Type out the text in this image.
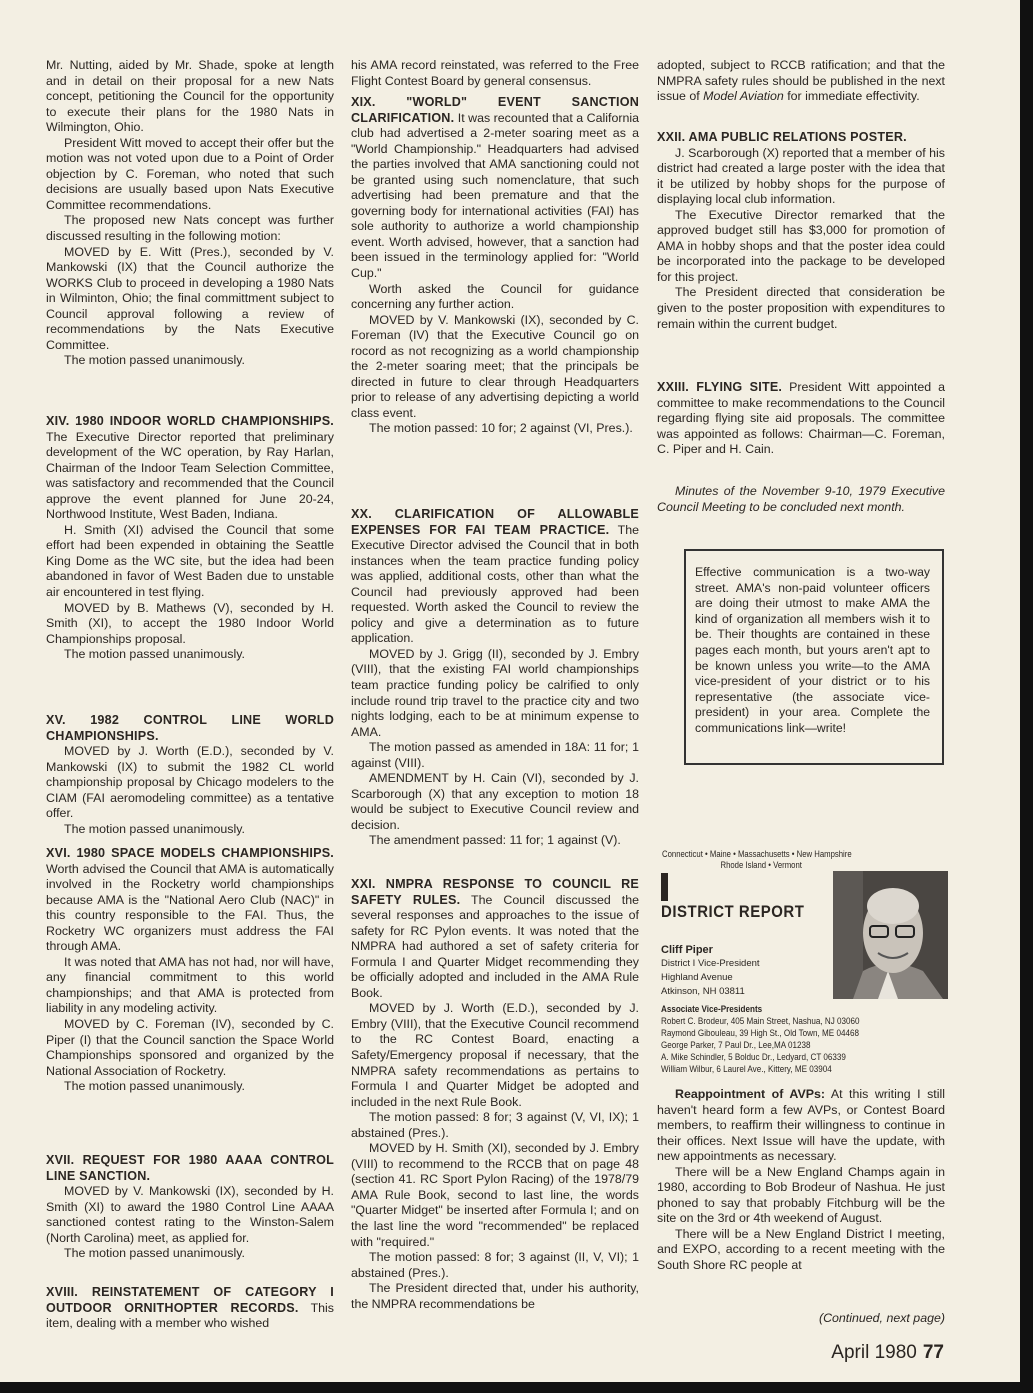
Mr. Nutting, aided by Mr. Shade, spoke at length and in detail on their proposal for a new Nats concept, petitioning the Council for the opportunity to execute their plans for the 1980 Nats in Wilmington, Ohio.

President Witt moved to accept their offer but the motion was not voted upon due to a Point of Order objection by C. Foreman, who noted that such decisions are usually based upon Nats Executive Committee recommendations.

The proposed new Nats concept was further discussed resulting in the following motion:

MOVED by E. Witt (Pres.), seconded by V. Mankowski (IX) that the Council authorize the WORKS Club to proceed in developing a 1980 Nats in Wilminton, Ohio; the final committment subject to Council approval following a review of recommendations by the Nats Executive Committee.

The motion passed unanimously.

XIV. 1980 INDOOR WORLD CHAMPIONSHIPS. The Executive Director reported that preliminary development of the WC operation, by Ray Harlan, Chairman of the Indoor Team Selection Committee, was satisfactory and recommended that the Council approve the event planned for June 20-24, Northwood Institute, West Baden, Indiana.

H. Smith (XI) advised the Council that some effort had been expended in obtaining the Seattle King Dome as the WC site, but the idea had been abandoned in favor of West Baden due to unstable air encountered in test flying.

MOVED by B. Mathews (V), seconded by H. Smith (XI), to accept the 1980 Indoor World Championships proposal.

The motion passed unanimously.

XV. 1982 CONTROL LINE WORLD CHAMPIONSHIPS.

MOVED by J. Worth (E.D.), seconded by V. Mankowski (IX) to submit the 1982 CL world championship proposal by Chicago modelers to the CIAM (FAI aeromodeling committee) as a tentative offer.

The motion passed unanimously.

XVI. 1980 SPACE MODELS CHAMPIONSHIPS. Worth advised the Council that AMA is automatically involved in the Rocketry world championships because AMA is the "National Aero Club (NAC)" in this country responsible to the FAI. Thus, the Rocketry WC organizers must address the FAI through AMA.

It was noted that AMA has not had, nor will have, any financial commitment to this world championships; and that AMA is protected from liability in any modeling activity.

MOVED by C. Foreman (IV), seconded by C. Piper (I) that the Council sanction the Space World Championships sponsored and organized by the National Association of Rocketry.

The motion passed unanimously.

XVII. REQUEST FOR 1980 AAAA CONTROL LINE SANCTION.

MOVED by V. Mankowski (IX), seconded by H. Smith (XI) to award the 1980 Control Line AAAA sanctioned contest rating to the Winston-Salem (North Carolina) meet, as applied for.

The motion passed unanimously.

XVIII. REINSTATEMENT OF CATEGORY I OUTDOOR ORNITHOPTER RECORDS. This item, dealing with a member who wished

his AMA record reinstated, was referred to the Free Flight Contest Board by general consensus.

XIX. "WORLD" EVENT SANCTION CLARIFICATION. It was recounted that a California club had advertised a 2-meter soaring meet as a "World Championship." Headquarters had advised the parties involved that AMA sanctioning could not be granted using such nomenclature, that such advertising had been premature and that the governing body for international activities (FAI) has sole authority to authorize a world championship event. Worth advised, however, that a sanction had been issued in the terminology applied for: "World Cup."

Worth asked the Council for guidance concerning any further action.

MOVED by V. Mankowski (IX), seconded by C. Foreman (IV) that the Executive Council go on rocord as not recognizing as a world championship the 2-meter soaring meet; that the principals be directed in future to clear through Headquarters prior to release of any advertising depicting a world class event.

The motion passed: 10 for; 2 against (VI, Pres.).

XX. CLARIFICATION OF ALLOWABLE EXPENSES FOR FAI TEAM PRACTICE. The Executive Director advised the Council that in both instances when the team practice funding policy was applied, additional costs, other than what the Council had previously approved had been requested. Worth asked the Council to review the policy and give a determination as to future application.

MOVED by J. Grigg (II), seconded by J. Embry (VIII), that the existing FAI world championships team practice funding policy be calrified to only include round trip travel to the practice city and two nights lodging, each to be at minimum expense to AMA.

The motion passed as amended in 18A: 11 for; 1 against (VIII).

AMENDMENT by H. Cain (VI), seconded by J. Scarborough (X) that any exception to motion 18 would be subject to Executive Council review and decision.

The amendment passed: 11 for; 1 against (V).

XXI. NMPRA RESPONSE TO COUNCIL RE SAFETY RULES. The Council discussed the several responses and approaches to the issue of safety for RC Pylon events. It was noted that the NMPRA had authored a set of safety criteria for Formula I and Quarter Midget recommending they be officially adopted and included in the AMA Rule Book.

MOVED by J. Worth (E.D.), seconded by J. Embry (VIII), that the Executive Council recommend to the RC Contest Board, enacting a Safety/Emergency proposal if necessary, that the NMPRA safety recommendations as pertains to Formula I and Quarter Midget be adopted and included in the next Rule Book.

The motion passed: 8 for; 3 against (V, VI, IX); 1 abstained (Pres.).

MOVED by H. Smith (XI), seconded by J. Embry (VIII) to recommend to the RCCB that on page 48 (section 41. RC Sport Pylon Racing) of the 1978/79 AMA Rule Book, second to last line, the words "Quarter Midget" be inserted after Formula I; and on the last line the word "recommended" be replaced with "required."

The motion passed: 8 for; 3 against (II, V, VI); 1 abstained (Pres.).

The President directed that, under his authority, the NMPRA recommendations be

adopted, subject to RCCB ratification; and that the NMPRA safety rules should be published in the next issue of Model Aviation for immediate effectivity.

XXII. AMA PUBLIC RELATIONS POSTER.

J. Scarborough (X) reported that a member of his district had created a large poster with the idea that it be utilized by hobby shops for the purpose of displaying local club information.

The Executive Director remarked that the approved budget still has $3,000 for promotion of AMA in hobby shops and that the poster idea could be incorporated into the package to be developed for this project.

The President directed that consideration be given to the poster proposition with expenditures to remain within the current budget.

XXIII. FLYING SITE. President Witt appointed a committee to make recommendations to the Council regarding flying site aid proposals. The committee was appointed as follows: Chairman—C. Foreman, C. Piper and H. Cain.

Minutes of the November 9-10, 1979 Executive Council Meeting to be concluded next month.

Effective communication is a two-way street. AMA's non-paid volunteer officers are doing their utmost to make AMA the kind of organization all members wish it to be. Their thoughts are contained in these pages each month, but yours aren't apt to be known unless you write—to the AMA vice-president of your district or to his representative (the associate vice-president) in your area. Complete the communications link—write!

Connecticut • Maine • Massachusetts • New Hampshire
Rhode Island • Vermont
DISTRICT REPORT
Cliff Piper
District I Vice-President
Highland Avenue
Atkinson, NH 03811
Associate Vice-Presidents
Robert C. Brodeur, 405 Main Street, Nashua, NJ 03060
Raymond Gibouleau, 39 High St., Old Town, ME 04468
George Parker, 7 Paul Dr., Lee,MA 01238
A. Mike Schindler, 5 Bolduc Dr., Ledyard, CT 06339
William Wilbur, 6 Laurel Ave., Kittery, ME 03904

Reappointment of AVPs: At this writing I still haven't heard form a few AVPs, or Contest Board members, to reaffirm their willingness to continue in their offices. Next Issue will have the update, with new appointments as necessary.

There will be a New England Champs again in 1980, according to Bob Brodeur of Nashua. He just phoned to say that probably Fitchburg will be the site on the 3rd or 4th weekend of August.

There will be a New England District I meeting, and EXPO, according to a recent meeting with the South Shore RC people at

(Continued, next page)
April 1980 77
